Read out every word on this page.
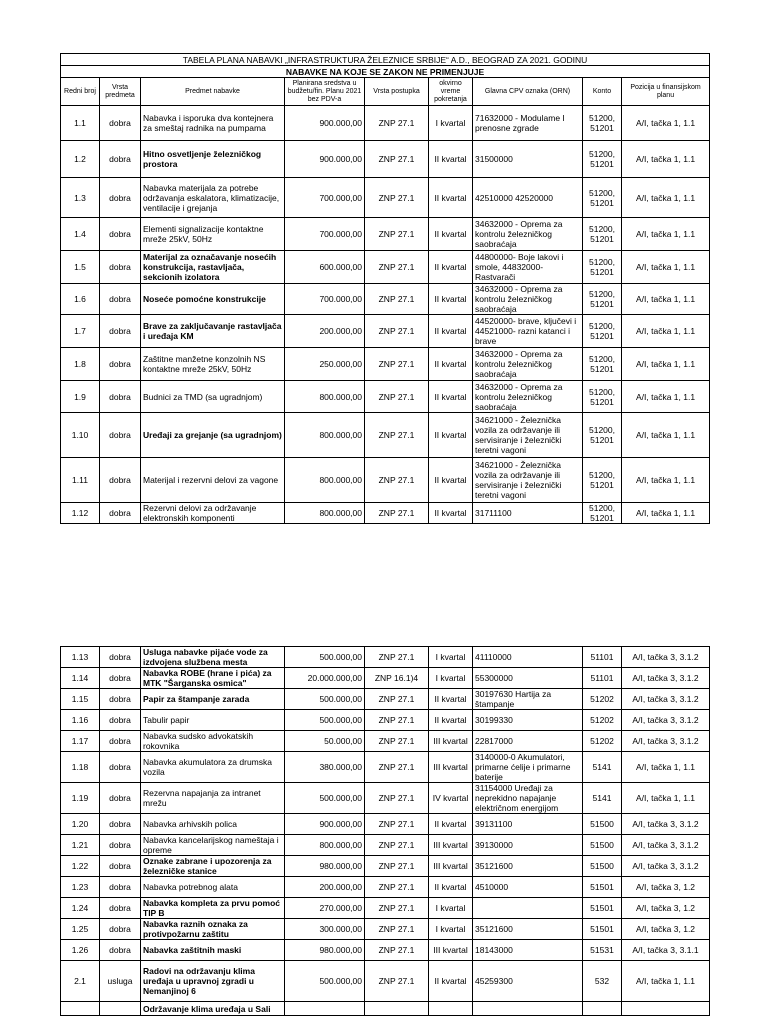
TABELA PLANA NABAVKI „INFRASTRUKTURA ŽELEZNICE SRBIJE“ A.D., BEOGRAD ZA 2021. GODINU								
NABAVKE NA KOJE SE ZAKON NE PRIMENJUJE								
Redni broj	Vrsta predmeta	Predmet nabavke	Planirana sredstva u budžetu/fin. Planu 2021 bez PDV-a	Vrsta postupka	okvirno vreme pokretanja	Glavna CPV oznaka (ORN)	Konto	Pozicija u finansijskom planu
1.1	dobra	Nabavka i isporuka dva kontejnera za smeštaj radnika na pumpama	900.000,00	ZNP 27.1	I kvartal	71632000 - Modulame I prenosne zgrade	51200, 51201	A/I, tačka 1, 1.1
1.2	dobra	Hitno osvetljenje železničkog prostora	900.000,00	ZNP 27.1	II kvartal	31500000	51200, 51201	A/I, tačka 1, 1.1
1.3	dobra	Nabavka materijala za potrebe održavanja eskalatora, klimatizacije, ventilacije i grejanja	700.000,00	ZNP 27.1	II kvartal	42510000 42520000	51200, 51201	A/I, tačka 1, 1.1
1.4	dobra	Elementi signalizacije kontaktne mreže 25kV, 50Hz	700.000,00	ZNP 27.1	II kvartal	34632000 - Oprema za kontrolu železničkog saobraćaja	51200, 51201	A/I, tačka 1, 1.1
1.5	dobra	Materijal za označavanje nosećih konstrukcija, rastavljača, sekcionih izolatora	600.000,00	ZNP 27.1	II kvartal	44800000- Boje lakovi i smole, 44832000- Rastvarači	51200, 51201	A/I, tačka 1, 1.1
1.6	dobra	Noseće pomoćne konstrukcije	700.000,00	ZNP 27.1	II kvartal	34632000 - Oprema za kontrolu železničkog saobraćaja	51200, 51201	A/I, tačka 1, 1.1
1.7	dobra	Brave za zaključavanje rastavljača i uređaja KM	200.000,00	ZNP 27.1	II kvartal	44520000- brave, ključevi i 44521000- razni katanci i brave	51200, 51201	A/I, tačka 1, 1.1
1.8	dobra	Zaštitne manžetne konzolnih NS kontaktne mreže 25kV, 50Hz	250.000,00	ZNP 27.1	II kvartal	34632000 - Oprema za kontrolu železničkog saobraćaja	51200, 51201	A/I, tačka 1, 1.1
1.9	dobra	Budnici za TMD (sa ugradnjom)	800.000,00	ZNP 27.1	II kvartal	34632000 - Oprema za kontrolu železničkog saobraćaja	51200, 51201	A/I, tačka 1, 1.1
1.10	dobra	Uređaji za grejanje (sa ugradnjom)	800.000,00	ZNP 27.1	II kvartal	34621000 - Železnička vozila za održavanje ili servisiranje i železnički teretni vagoni	51200, 51201	A/I, tačka 1, 1.1
1.11	dobra	Materijal i rezervni delovi za vagone	800.000,00	ZNP 27.1	II kvartal	34621000 - Železnička vozila za održavanje ili servisiranje i železnički teretni vagoni	51200, 51201	A/I, tačka 1, 1.1
1.12	dobra	Rezervni delovi za održavanje elektronskih komponenti	800.000,00	ZNP 27.1	II kvartal	31711100	51200, 51201	A/I, tačka 1, 1.1
1.13	dobra	Usluga nabavke pijaće vode za izdvojena službena mesta	500.000,00	ZNP 27.1	I kvartal	41110000	51101	A/I, tačka 3, 3.1.2
1.14	dobra	Nabavka ROBE (hrane i pića) za MTK "Šarganska osmica"	20.000.000,00	ZNP 16.1)4	I kvartal	55300000	51101	A/I, tačka 3, 3.1.2
1.15	dobra	Papir za štampanje zarada	500.000,00	ZNP 27.1	II kvartal	30197630 Hartija za štampanje	51202	A/I, tačka 3, 3.1.2
1.16	dobra	Tabulir papir	500.000,00	ZNP 27.1	II kvartal	30199330	51202	A/I, tačka 3, 3.1.2
1.17	dobra	Nabavka sudsko advokatskih rokovnika	50.000,00	ZNP 27.1	III kvartal	22817000	51202	A/I, tačka 3, 3.1.2
1.18	dobra	Nabavka akumulatora za drumska vozila	380.000,00	ZNP 27.1	III kvartal	3140000-0 Akumulatori, primarne ćelije i primarne baterije	5141	A/I, tačka 1, 1.1
1.19	dobra	Rezervna napajanja za intranet mrežu	500.000,00	ZNP 27.1	IV kvartal	31154000 Uređaji za neprekidno napajanje električnom energijom	5141	A/I, tačka 1, 1.1
1.20	dobra	Nabavka arhivskih polica	900.000,00	ZNP 27.1	II kvartal	39131100	51500	A/I, tačka 3, 3.1.2
1.21	dobra	Nabavka kancelarijskog nameštaja i opreme	800.000,00	ZNP 27.1	III kvartal	39130000	51500	A/I, tačka 3, 3.1.2
1.22	dobra	Oznake zabrane i upozorenja za železničke stanice	980.000,00	ZNP 27.1	III kvartal	35121600	51500	A/I, tačka 3, 3.1.2
1.23	dobra	Nabavka potrebnog alata	200.000,00	ZNP 27.1	II kvartal	4510000	51501	A/I, tačka 3, 1.2
1.24	dobra	Nabavka kompleta za prvu pomoć TIP B	270.000,00	ZNP 27.1	I kvartal		51501	A/I, tačka 3, 1.2
1.25	dobra	Nabavka raznih oznaka za protivpožarnu zaštitu	300.000,00	ZNP 27.1	I kvartal	35121600	51501	A/I, tačka 3, 1.2
1.26	dobra	Nabavka zaštitnih maski	980.000,00	ZNP 27.1	III kvartal	18143000	51531	A/I, tačka 3, 3.1.1
2.1	usluga	Radovi na održavanju klima uređaja u upravnoj zgradi u Nemanjinoj 6	500.000,00	ZNP 27.1	II kvartal	45259300	532	A/I, tačka 1, 1.1
		Održavanje klima uređaja u Sali						
